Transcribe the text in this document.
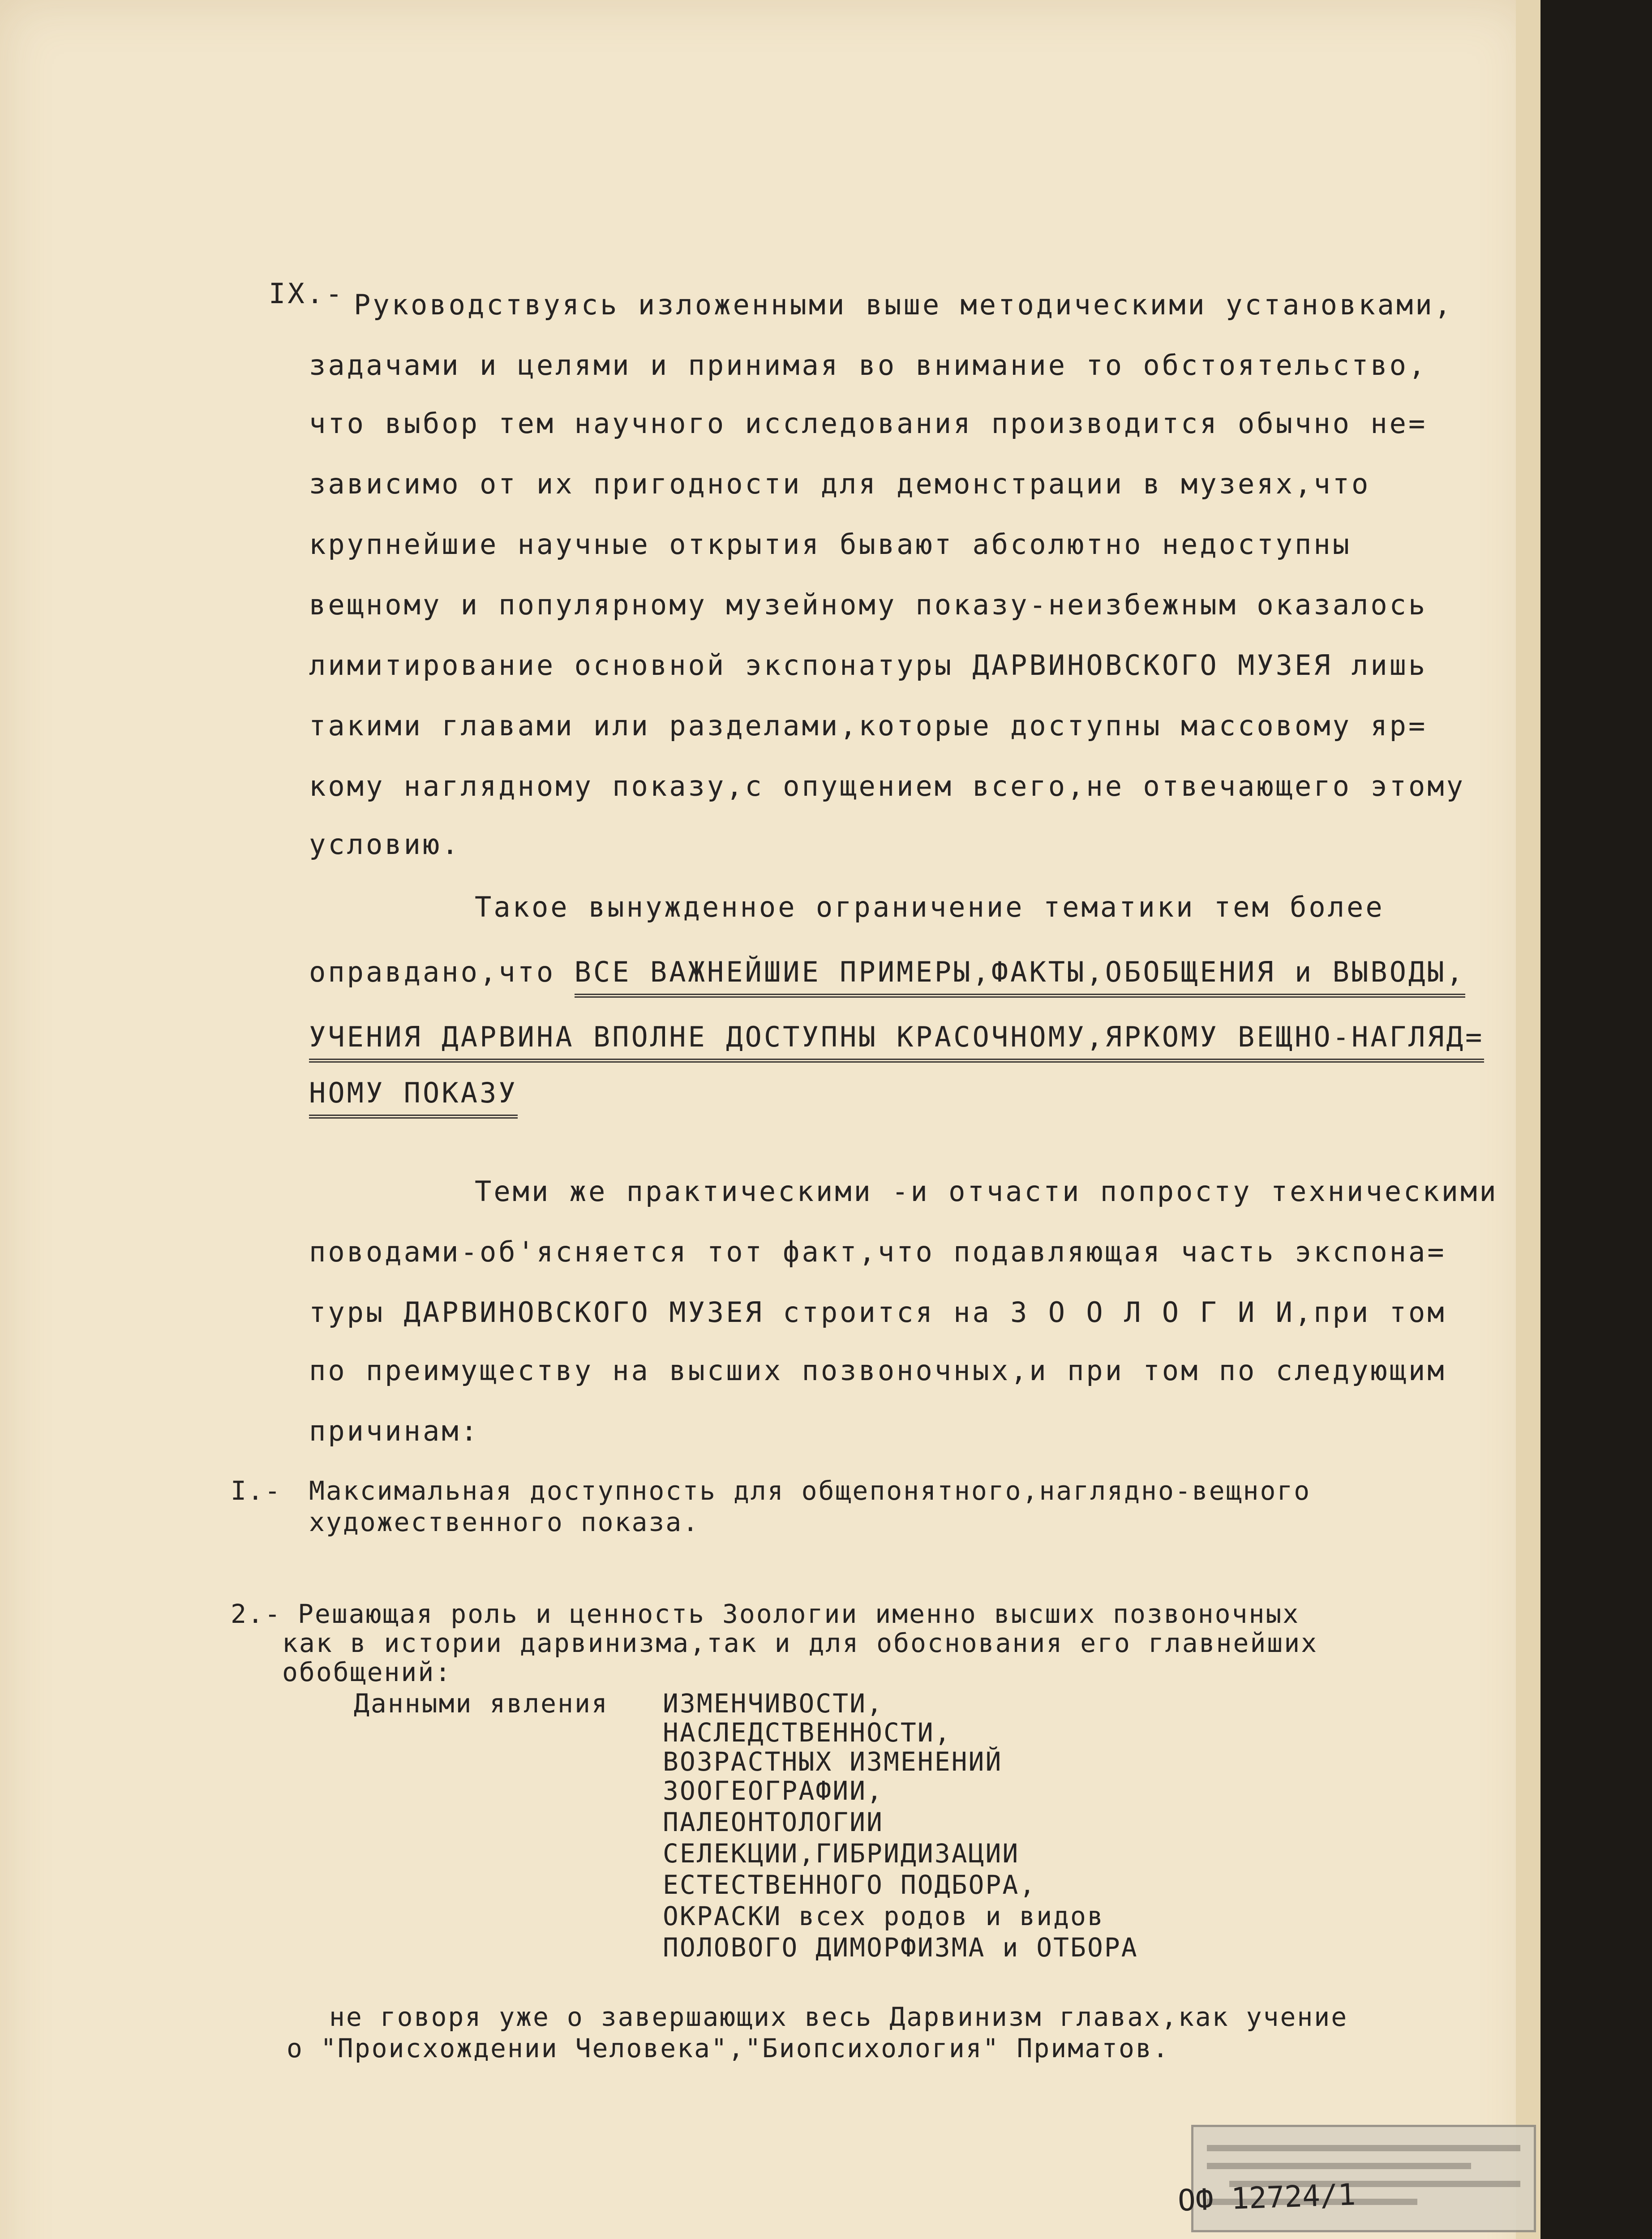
IX.- Руководствуясь изложенными выше методическими установками,
задачами и целями и принимая во внимание то обстоятельство,
что выбор тем научного исследования производится обычно не=
зависимо от их пригодности для демонстрации в музеях,что
крупнейшие научные открытия бывают абсолютно недоступны
вещному и популярному музейному показу-неизбежным оказалось
лимитирование основной экспонатуры ДАРВИНОВСКОГО МУЗЕЯ лишь
такими главами или разделами,которые доступны массовому яр=
кому наглядному показу,с опущением всего,не отвечающего этому
условию.
Такое вынужденное ограничение тематики тем более
оправдано,что ВСЕ ВАЖНЕЙШИЕ ПРИМЕРЫ,ФАКТЫ,ОБОБЩЕНИЯ и ВЫВОДЫ,
УЧЕНИЯ ДАРВИНА ВПОЛНЕ ДОСТУПНЫ КРАСОЧНОМУ,ЯРКОМУ ВЕЩНО-НАГЛЯД=
НОМУ ПОКАЗУ
Теми же практическими -и отчасти попросту техническими
поводами-об'ясняется тот факт,что подавляющая часть экспона=
туры ДАРВИНОВСКОГО МУЗЕЯ строится на З О О Л О Г И И,при том
по преимуществу на высших позвоночных,и при том по следующим
причинам:
I.- Максимальная доступность для общепонятного,наглядно-вещного
художественного показа.
2.- Решающая роль и ценность Зоологии именно высших позвоночных
как в истории дарвинизма,так и для обоснования его главнейших
обобщений:
Данными явления ИЗМЕНЧИВОСТИ,
НАСЛЕДСТВЕННОСТИ,
ВОЗРАСТНЫХ ИЗМЕНЕНИЙ
ЗООГЕОГРАФИИ,
ПАЛЕОНТОЛОГИИ
СЕЛЕКЦИИ,ГИБРИДИЗАЦИИ
ЕСТЕСТВЕННОГО ПОДБОРА,
ОКРАСКИ всех родов и видов
ПОЛОВОГО ДИМОРФИЗМА и ОТБОРА
не говоря уже о завершающих весь Дарвинизм главах,как учение
о "Происхождении Человека","Биопсихология" Приматов.
ОФ 12724/1
